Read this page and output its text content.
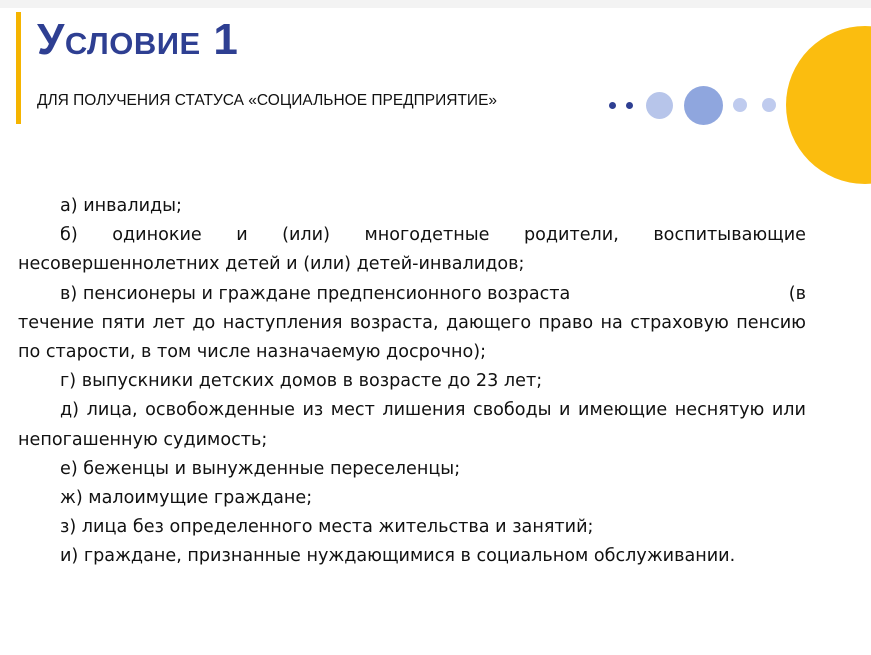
Условие 1

ДЛЯ ПОЛУЧЕНИЯ СТАТУСА «СОЦИАЛЬНОЕ ПРЕДПРИЯТИЕ»

а) инвалиды;

б) одинокие и (или) многодетные родители, воспитывающие несовершеннолетних детей и (или) детей-инвалидов;

в) пенсионеры и граждане предпенсионного возраста	(в

течение пяти лет до наступления возраста, дающего право на страховую пенсию по старости, в том числе назначаемую досрочно);

г) выпускники детских домов в возрасте до 23 лет;

д) лица, освобожденные из мест лишения свободы и имеющие неснятую или непогашенную судимость;

е) беженцы и вынужденные переселенцы;

ж) малоимущие граждане;

з) лица без определенного места жительства и занятий;

и) граждане, признанные нуждающимися в социальном обслуживании.
